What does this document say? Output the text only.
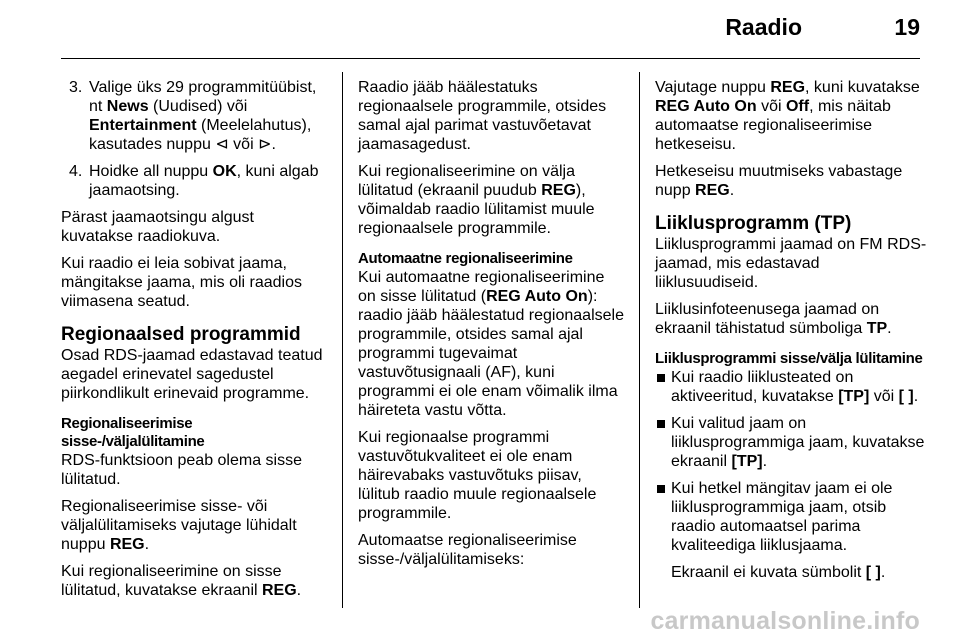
Raadio	19
3. Valige üks 29 programmitüübist, nt News (Uudised) või Entertainment (Meelelahutus), kasutades nuppu ⊲ või ⊳.
4. Hoidke all nuppu OK, kuni algab jaamaotsing.

Pärast jaamaotsingu algust kuvatakse raadiokuva.

Kui raadio ei leia sobivat jaama, mängitakse jaama, mis oli raadios viimasena seatud.

Regionaalsed programmid

Osad RDS-jaamad edastavad teatud aegadel erinevatel sagedustel piirkondlikult erinevaid programme.

Regionaliseerimise sisse-/väljalülitamine

RDS-funktsioon peab olema sisse lülitatud.

Regionaliseerimise sisse- või väljalülitamiseks vajutage lühidalt nuppu REG.

Kui regionaliseerimine on sisse lülitatud, kuvatakse ekraanil REG.

Raadio jääb häälestatuks regionaalsele programmile, otsides samal ajal parimat vastuvõetavat jaamasagedust.

Kui regionaliseerimine on välja lülitatud (ekraanil puudub REG), võimaldab raadio lülitamist muule regionaalsele programmile.

Automaatne regionaliseerimine

Kui automaatne regionaliseerimine on sisse lülitatud (REG Auto On): raadio jääb häälestatud regionaalsele programmile, otsides samal ajal programmi tugevaimat vastuvõtusignaali (AF), kuni programmi ei ole enam võimalik ilma häireteta vastu võtta.

Kui regionaalse programmi vastuvõtukvaliteet ei ole enam häirevabaks vastuvõtuks piisav, lülitub raadio muule regionaalsele programmile.

Automaatse regionaliseerimise sisse-/väljalülitamiseks:

Vajutage nuppu REG, kuni kuvatakse REG Auto On või Off, mis näitab automaatse regionaliseerimise hetkeseisu.

Hetkeseisu muutmiseks vabastage nupp REG.

Liiklusprogramm (TP)

Liiklusprogrammi jaamad on FM RDS-jaamad, mis edastavad liiklusuudiseid.

Liiklusinfoteenusega jaamad on ekraanil tähistatud sümboliga TP.

Liiklusprogrammi sisse/välja lülitamine
Kui raadio liiklusteated on aktiveeritud, kuvatakse [TP] või [ ].
Kui valitud jaam on liiklusprogrammiga jaam, kuvatakse ekraanil [TP].
Kui hetkel mängitav jaam ei ole liiklusprogrammiga jaam, otsib raadio automaatsel parima kvaliteediga liiklusjaama.

Ekraanil ei kuvata sümbolit [ ].

carmanualsonline.info
